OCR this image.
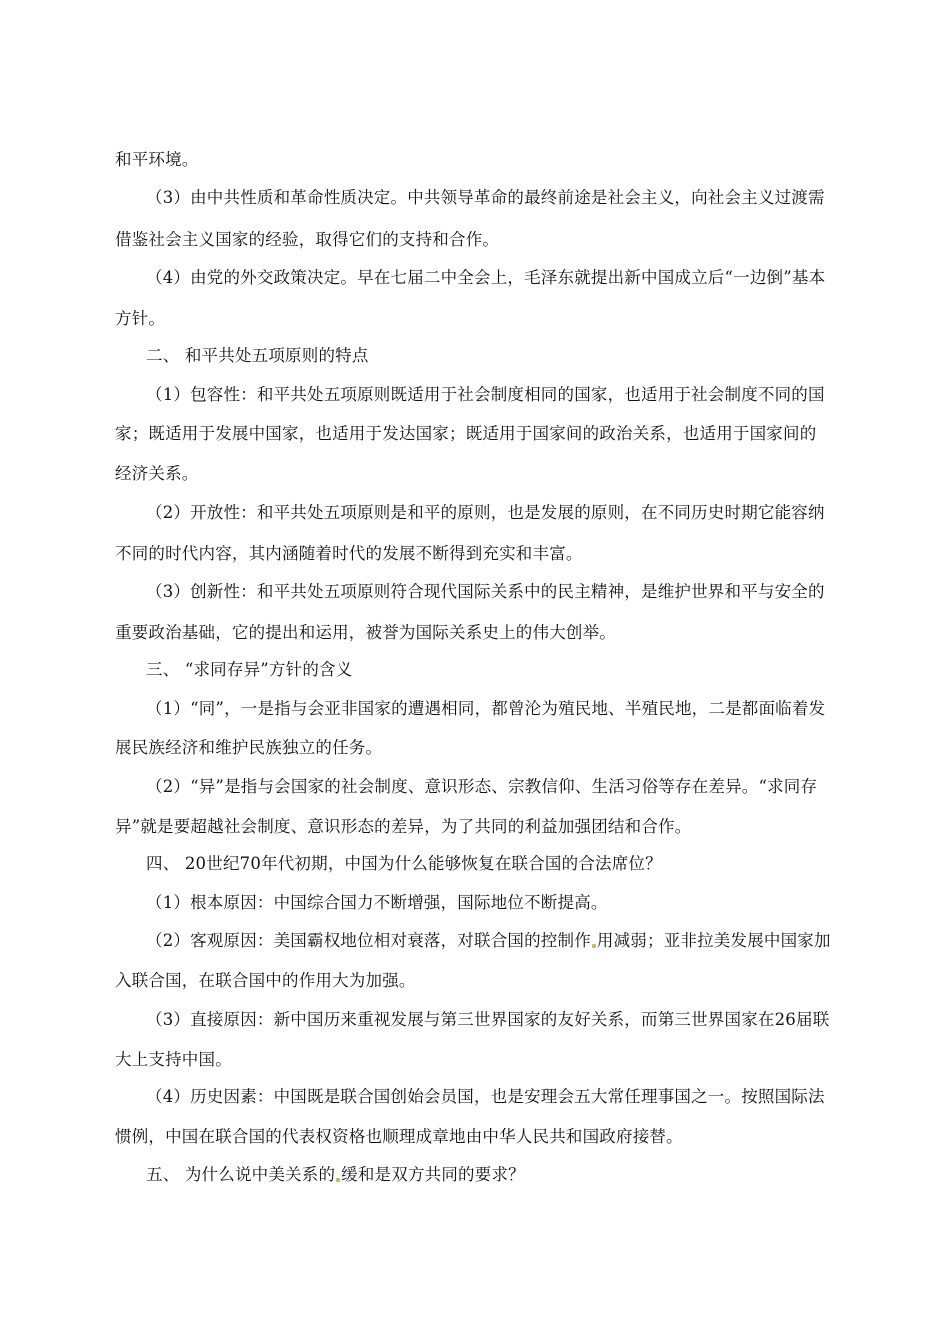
和平环境。
（3）由中共性质和革命性质决定。中共领导革命的最终前途是社会主义，向社会主义过渡需
借鉴社会主义国家的经验，取得它们的支持和合作。
（4）由党的外交政策决定。早在七届二中全会上，毛泽东就提出新中国成立后“一边倒”基本
方针。
二、 和平共处五项原则的特点
（1）包容性：和平共处五项原则既适用于社会制度相同的国家，也适用于社会制度不同的国
家；既适用于发展中国家，也适用于发达国家；既适用于国家间的政治关系，也适用于国家间的
经济关系。
（2）开放性：和平共处五项原则是和平的原则，也是发展的原则，在不同历史时期它能容纳
不同的时代内容，其内涵随着时代的发展不断得到充实和丰富。
（3）创新性：和平共处五项原则符合现代国际关系中的民主精神，是维护世界和平与安全的
重要政治基础，它的提出和运用，被誉为国际关系史上的伟大创举。
三、 “求同存异”方针的含义
（1）“同”，一是指与会亚非国家的遭遇相同，都曾沦为殖民地、半殖民地，二是都面临着发
展民族经济和维护民族独立的任务。
（2）“异”是指与会国家的社会制度、意识形态、宗教信仰、生活习俗等存在差异。“求同存
异”就是要超越社会制度、意识形态的差异，为了共同的利益加强团结和合作。
四、 20世纪70年代初期，中国为什么能够恢复在联合国的合法席位？
（1）根本原因：中国综合国力不断增强，国际地位不断提高。
（2）客观原因：美国霸权地位相对衰落，对联合国的控制作 用减弱；亚非拉美发展中国家加
入联合国，在联合国中的作用大为加强。
（3）直接原因：新中国历来重视发展与第三世界国家的友好关系，而第三世界国家在26届联
大上支持中国。
（4）历史因素：中国既是联合国创始会员国，也是安理会五大常任理事国之一。按照国际法
惯例，中国在联合国的代表权资格也顺理成章地由中华人民共和国政府接替。
五、 为什么说中美关系的 缓和是双方共同的要求？
